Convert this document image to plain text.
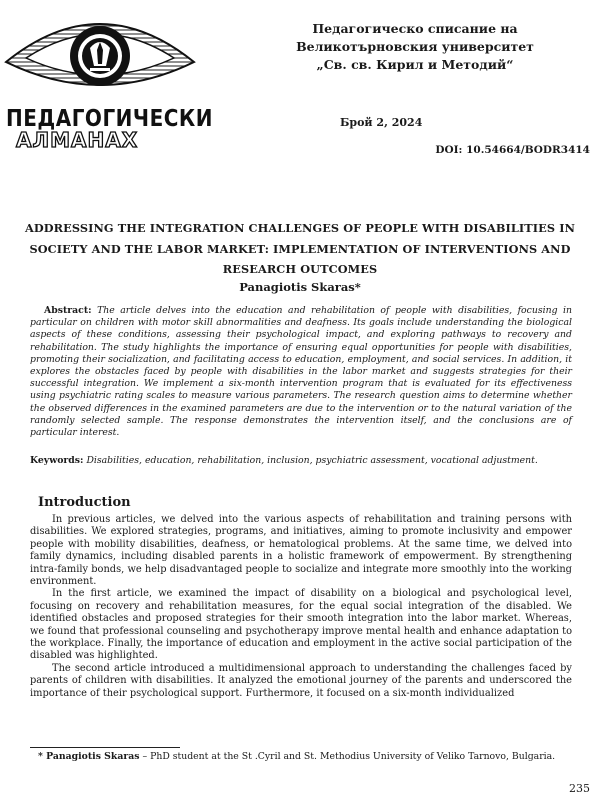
ПЕДАГОГИЧЕСКИ
АЛМАНАХ
Педагогическо списание на
Великотърновския университет
„Св. св. Кирил и Методий“
Брой 2, 2024
DOI: 10.54664/BODR3414
ADDRESSING THE INTEGRATION CHALLENGES OF PEOPLE WITH DISABILITIES IN SOCIETY AND THE LABOR MARKET: IMPLEMENTATION OF INTERVENTIONS AND RESEARCH OUTCOMES
Panagiotis Skaras*
Abstract: The article delves into the education and rehabilitation of people with disabilities, focusing in particular on children with motor skill abnormalities and deafness. Its goals include understanding the biological aspects of these conditions, assessing their psychological impact, and exploring pathways to recovery and rehabilitation. The study highlights the importance of ensuring equal opportunities for people with disabilities, promoting their socialization, and facilitating access to education, employment, and social services. In addition, it explores the obstacles faced by people with disabilities in the labor market and suggests strategies for their successful integration. We implement a six-month intervention program that is evaluated for its effectiveness using psychiatric rating scales to measure various parameters. The research question aims to determine whether the observed differences in the examined parameters are due to the intervention or to the natural variation of the randomly selected sample. The response demonstrates the intervention itself, and the conclusions are of particular interest.
Keywords: Disabilities, education, rehabilitation, inclusion, psychiatric assessment, vocational adjustment.
Introduction

In previous articles, we delved into the various aspects of rehabilitation and training persons with disabilities. We explored strategies, programs, and initiatives, aiming to promote inclusivity and empower people with mobility disabilities, deafness, or hematological problems. At the same time, we delved into family dynamics, including disabled parents in a holistic framework of empowerment. By strengthening intra-family bonds, we help disadvantaged people to socialize and integrate more smoothly into the working environment.

In the first article, we examined the impact of disability on a biological and psychological level, focusing on recovery and rehabilitation measures, for the equal social integration of the disabled. We identified obstacles and proposed strategies for their smooth integration into the labor market. Whereas, we found that professional counseling and psychotherapy improve mental health and enhance adaptation to the workplace. Finally, the importance of education and employment in the active social participation of the disabled was highlighted.

The second article introduced a multidimensional approach to understanding the challenges faced by parents of children with disabilities. It analyzed the emotional journey of the parents and underscored the importance of their psychological support. Furthermore, it focused on a six-month individualized

* Panagiotis Skaras – PhD student at the St .Cyril and St. Methodius University of Veliko Tarnovo, Bulgaria.
235
